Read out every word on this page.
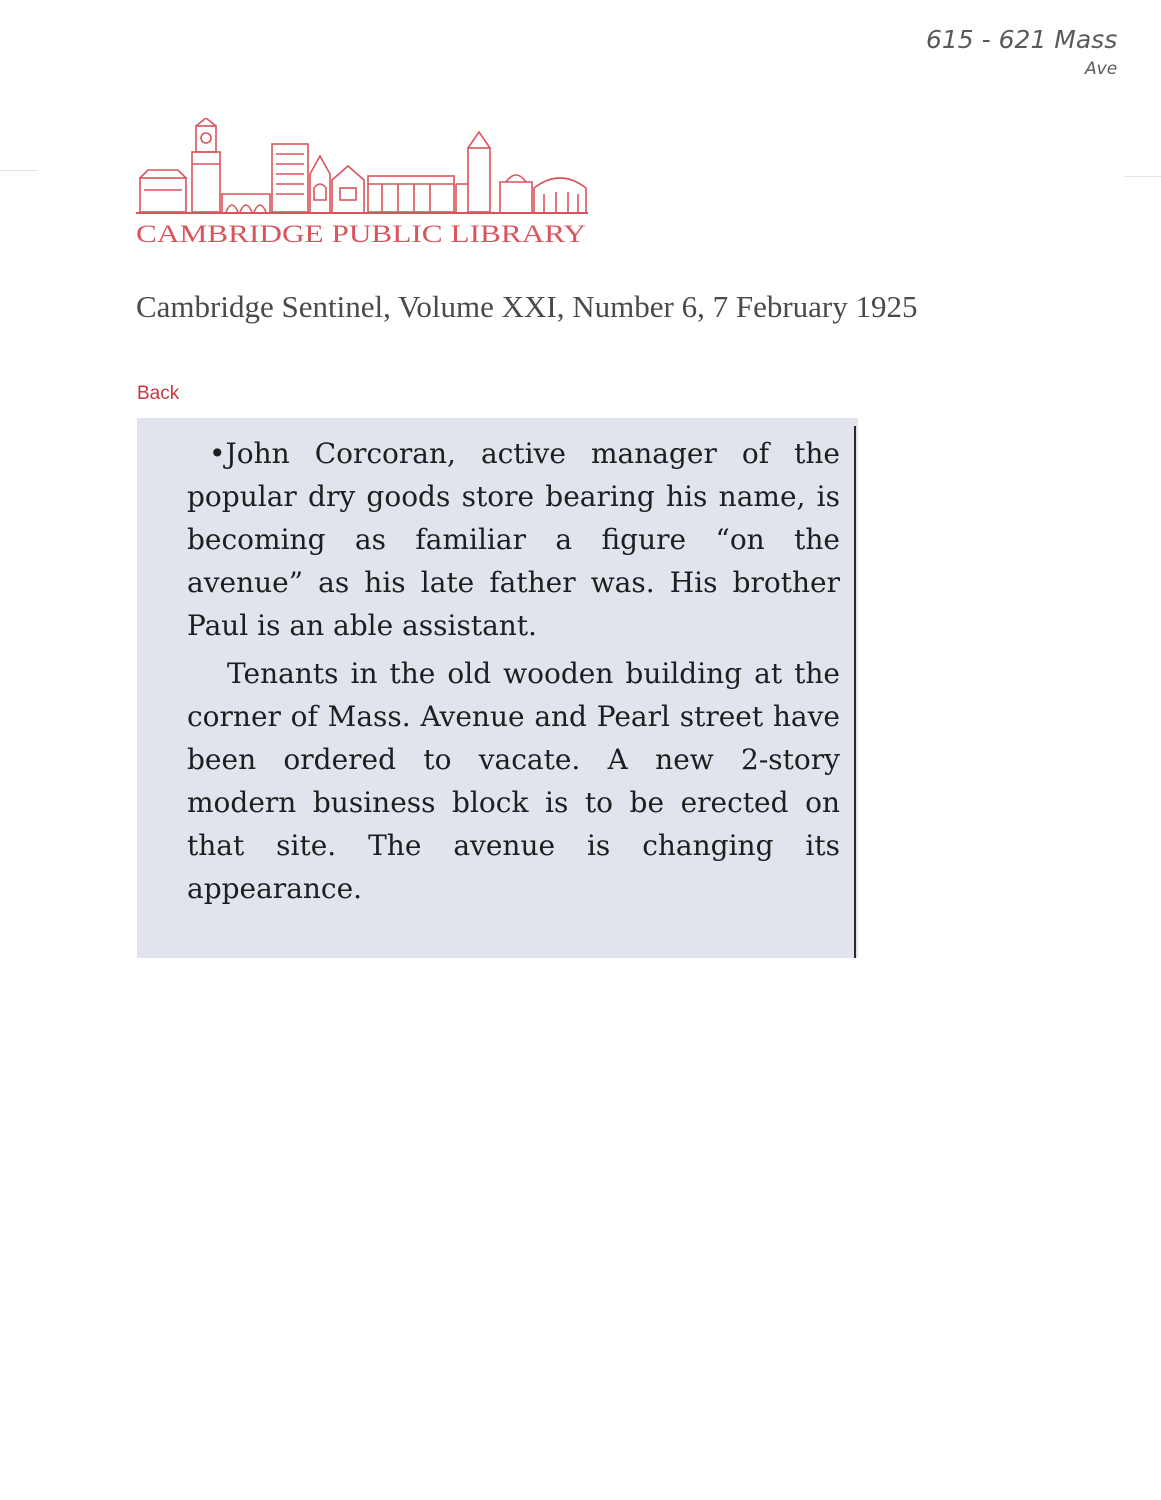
615 - 621 Mass
Ave
CAMBRIDGE PUBLIC LIBRARY
Cambridge Sentinel, Volume XXI, Number 6, 7 February 1925
Back

•John Corcoran, active manager of the popular dry goods store bearing his name, is becoming as familiar a figure “on the avenue” as his late father was. His brother Paul is an able assistant.

Tenants in the old wooden building at the corner of Mass. Avenue and Pearl street have been ordered to vacate. A new 2-story modern business block is to be erected on that site. The avenue is changing its appearance.
